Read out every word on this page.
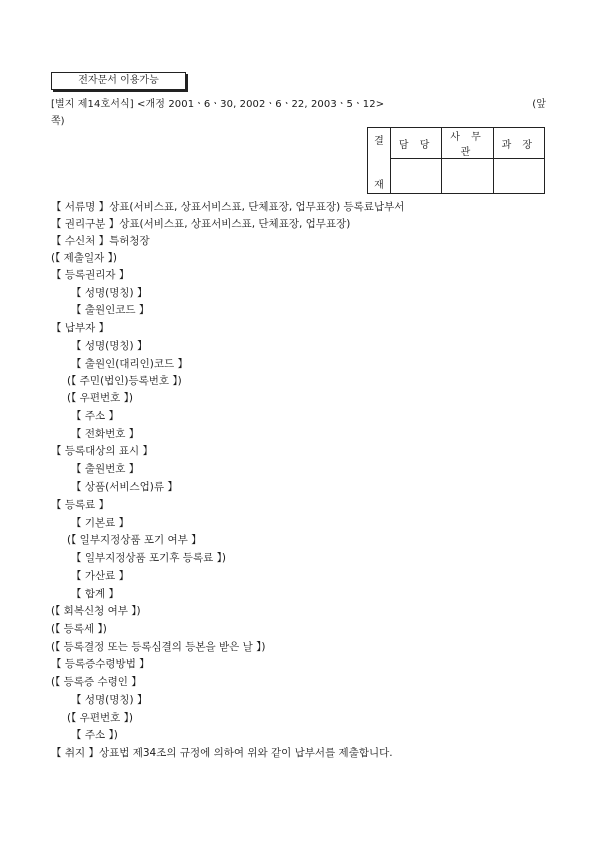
전자문서 이용가능
[별지 제14호서식] <개정 2001ㆍ6ㆍ30, 2002ㆍ6ㆍ22, 2003ㆍ5ㆍ12>	(앞
쪽)
결
재	담 당	사 무 관	과 장

【 서류명 】상표(서비스표, 상표서비스표, 단체표장, 업무표장) 등록료납부서
【 권리구분 】상표(서비스표, 상표서비스표, 단체표장, 업무표장)
【 수신처 】특허청장
(【 제출일자 】)
【 등록권리자 】
【 성명(명칭) 】
【 출원인코드 】
【 납부자 】
【 성명(명칭) 】
【 출원인(대리인)코드 】
(【 주민(법인)등록번호 】)
(【 우편번호 】)
【 주소 】
【 전화번호 】
【 등록대상의 표시 】
【 출원번호 】
【 상품(서비스업)류 】
【 등록료 】
【 기본료 】
(【 일부지정상품 포기 여부 】
【 일부지정상품 포기후 등록료 】)
【 가산료 】
【 합계 】
(【 회복신청 여부 】)
(【 등록세 】)
(【 등록결정 또는 등록심결의 등본을 받은 날 】)
【 등록증수령방법 】
(【 등록증 수령인 】
【 성명(명칭) 】
(【 우편번호 】)
【 주소 】)
【 취지 】상표법 제34조의 규정에 의하여 위와 같이 납부서를 제출합니다.
